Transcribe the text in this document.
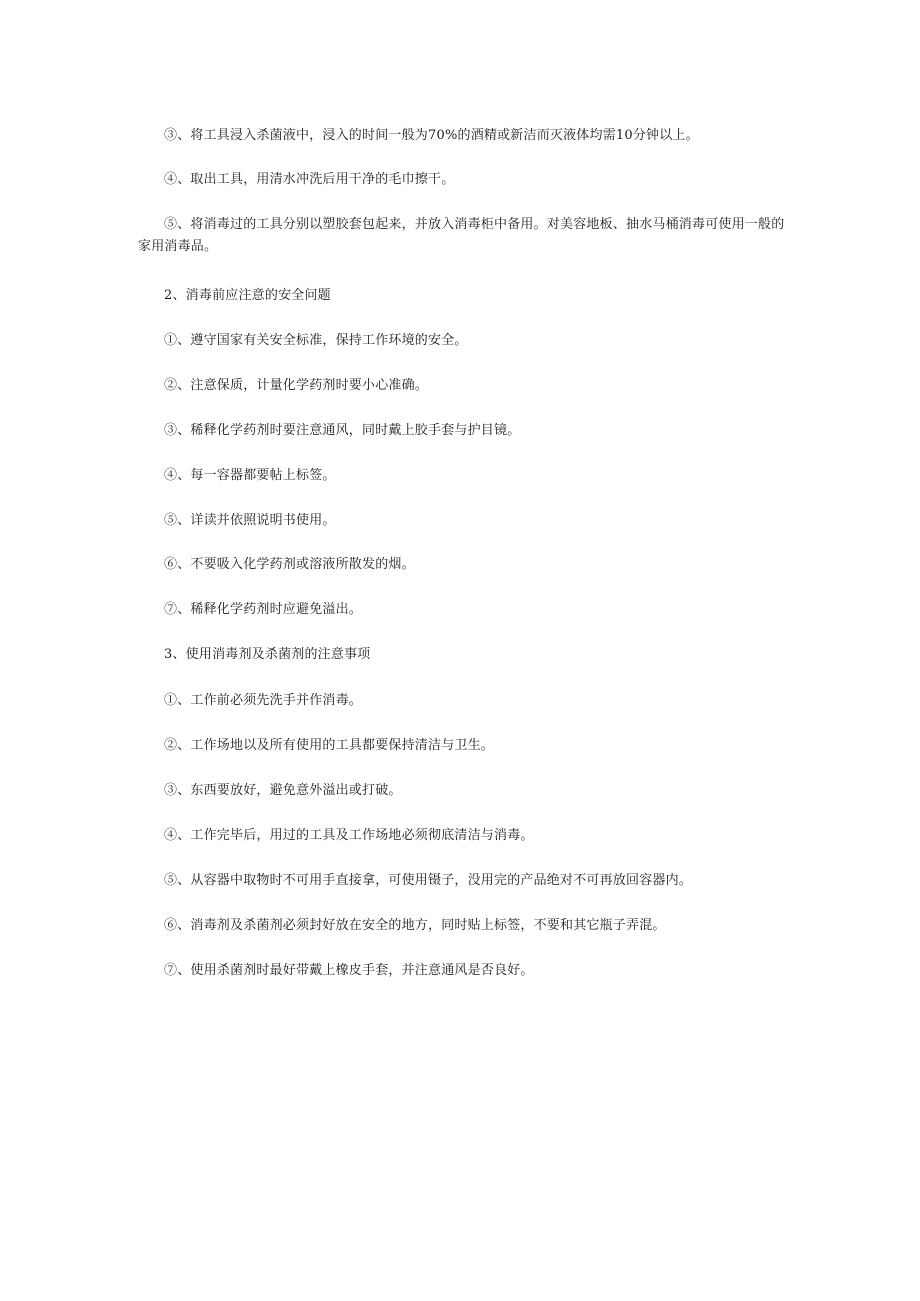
③、将工具浸入杀菌液中，浸入的时间一般为70%的酒精或新洁而灭液体均需10分钟以上。

④、取出工具，用清水冲洗后用干净的毛巾擦干。

⑤、将消毒过的工具分别以塑胶套包起来，并放入消毒柜中备用。对美容地板、抽水马桶消毒可使用一般的家用消毒品。

2、消毒前应注意的安全问题

①、遵守国家有关安全标准，保持工作环境的安全。

②、注意保质，计量化学药剂时要小心准确。

③、稀释化学药剂时要注意通风，同时戴上胶手套与护目镜。

④、每一容器都要帖上标签。

⑤、详读并依照说明书使用。

⑥、不要吸入化学药剂或溶液所散发的烟。

⑦、稀释化学药剂时应避免溢出。

3、使用消毒剂及杀菌剂的注意事项

①、工作前必须先洗手并作消毒。

②、工作场地以及所有使用的工具都要保持清洁与卫生。

③、东西要放好，避免意外溢出或打破。

④、工作完毕后，用过的工具及工作场地必须彻底清洁与消毒。

⑤、从容器中取物时不可用手直接拿，可使用镊子，没用完的产品绝对不可再放回容器内。

⑥、消毒剂及杀菌剂必须封好放在安全的地方，同时贴上标签，不要和其它瓶子弄混。

⑦、使用杀菌剂时最好带戴上橡皮手套，并注意通风是否良好。
